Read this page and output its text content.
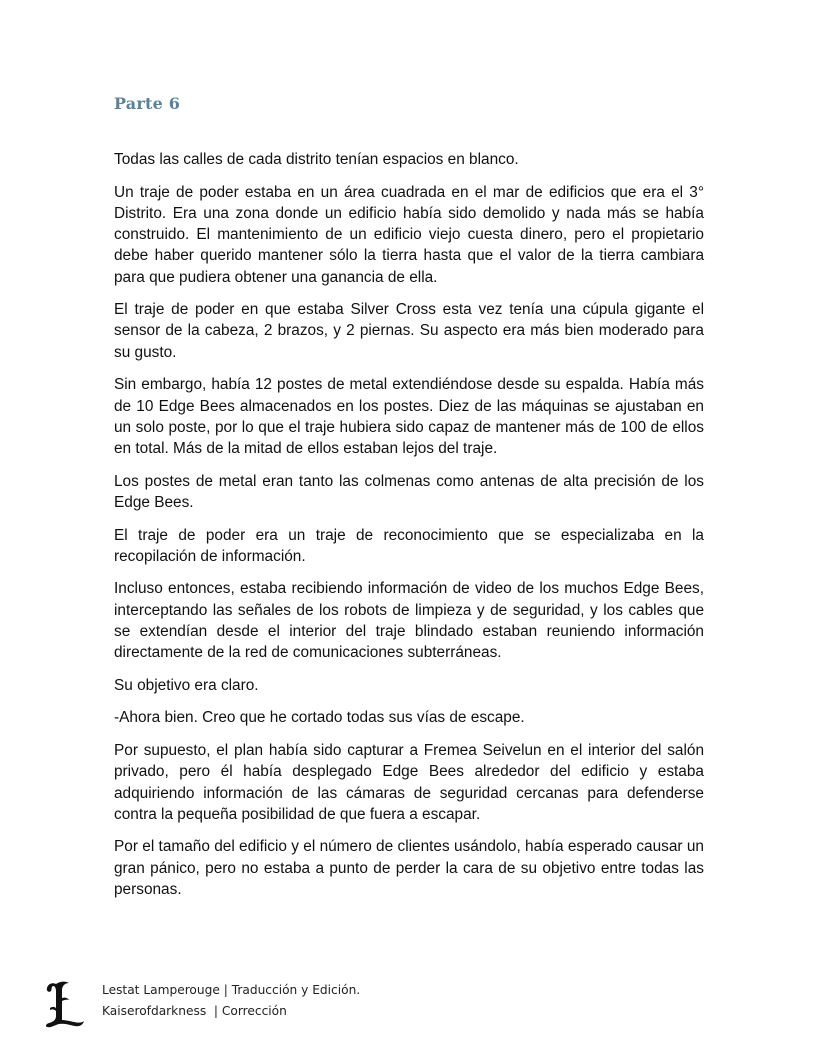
Parte 6

Todas las calles de cada distrito tenían espacios en blanco.

Un traje de poder estaba en un área cuadrada en el mar de edificios que era el 3° Distrito. Era una zona donde un edificio había sido demolido y nada más se había construido. El mantenimiento de un edificio viejo cuesta dinero, pero el propietario debe haber querido mantener sólo la tierra hasta que el valor de la tierra cambiara para que pudiera obtener una ganancia de ella.

El traje de poder en que estaba Silver Cross esta vez tenía una cúpula gigante el sensor de la cabeza, 2 brazos, y 2 piernas. Su aspecto era más bien moderado para su gusto.

Sin embargo, había 12 postes de metal extendiéndose desde su espalda. Había más de 10 Edge Bees almacenados en los postes. Diez de las máquinas se ajustaban en un solo poste, por lo que el traje hubiera sido capaz de mantener más de 100 de ellos en total. Más de la mitad de ellos estaban lejos del traje.

Los postes de metal eran tanto las colmenas como antenas de alta precisión de los Edge Bees.

El traje de poder era un traje de reconocimiento que se especializaba en la recopilación de información.

Incluso entonces, estaba recibiendo información de video de los muchos Edge Bees, interceptando las señales de los robots de limpieza y de seguridad, y los cables que se extendían desde el interior del traje blindado estaban reuniendo información directamente de la red de comunicaciones subterráneas.

Su objetivo era claro.

-Ahora bien. Creo que he cortado todas sus vías de escape.

Por supuesto, el plan había sido capturar a Fremea Seivelun en el interior del salón privado, pero él había desplegado Edge Bees alrededor del edificio y estaba adquiriendo información de las cámaras de seguridad cercanas para defenderse contra la pequeña posibilidad de que fuera a escapar.

Por el tamaño del edificio y el número de clientes usándolo, había esperado causar un gran pánico, pero no estaba a punto de perder la cara de su objetivo entre todas las personas.

Lestat Lamperouge | Traducción y Edición.
Kaiserofdarkness  | Corrección
